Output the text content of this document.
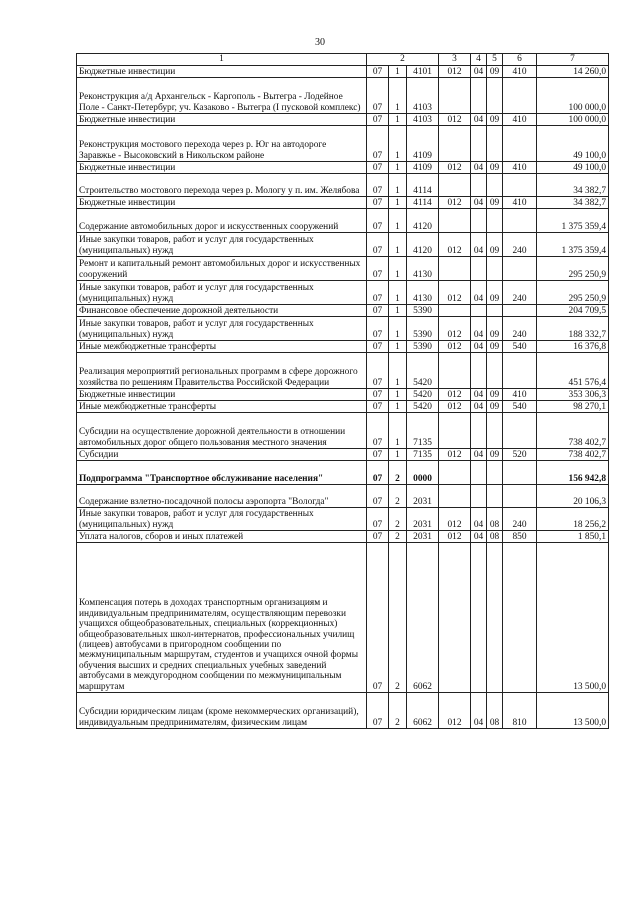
30
1	2			3	4	5	6	7
Бюджетные инвестиции	07	1	4101	012	04	09	410	14 260,0
Реконструкция а/д Архангельск - Каргополь - Вытегра - Лодейное Поле - Санкт-Петербург, уч. Казаково - Вытегра (I пусковой комплекс)	07	1	4103					100 000,0
Бюджетные инвестиции	07	1	4103	012	04	09	410	100 000,0
Реконструкция мостового перехода через р. Юг на автодороге Заравжье - Высоковский в Никольском районе	07	1	4109					49 100,0
Бюджетные инвестиции	07	1	4109	012	04	09	410	49 100,0
Строительство мостового перехода через р. Мологу у п. им. Желябова	07	1	4114					34 382,7
Бюджетные инвестиции	07	1	4114	012	04	09	410	34 382,7
Содержание автомобильных дорог и искусственных сооружений	07	1	4120					1 375 359,4
Иные закупки товаров, работ и услуг для государственных (муниципальных) нужд	07	1	4120	012	04	09	240	1 375 359,4
Ремонт и капитальный ремонт автомобильных дорог и искусственных сооружений	07	1	4130					295 250,9
Иные закупки товаров, работ и услуг для государственных (муниципальных) нужд	07	1	4130	012	04	09	240	295 250,9
Финансовое обеспечение дорожной деятельности	07	1	5390					204 709,5
Иные закупки товаров, работ и услуг для государственных (муниципальных) нужд	07	1	5390	012	04	09	240	188 332,7
Иные межбюджетные трансферты	07	1	5390	012	04	09	540	16 376,8
Реализация мероприятий региональных программ в сфере дорожного хозяйства по решениям Правительства Российской Федерации	07	1	5420					451 576,4
Бюджетные инвестиции	07	1	5420	012	04	09	410	353 306,3
Иные межбюджетные трансферты	07	1	5420	012	04	09	540	98 270,1
Субсидии на осуществление дорожной деятельности в отношении автомобильных дорог общего пользования местного значения	07	1	7135					738 402,7
Субсидии	07	1	7135	012	04	09	520	738 402,7
Подпрограмма "Транспортное обслуживание населения"	07	2	0000					156 942,8
Содержание взлетно-посадочной полосы аэропорта "Вологда"	07	2	2031					20 106,3
Иные закупки товаров, работ и услуг для государственных (муниципальных) нужд	07	2	2031	012	04	08	240	18 256,2
Уплата налогов, сборов и иных платежей	07	2	2031	012	04	08	850	1 850,1
Компенсация потерь в доходах транспортным организациям и индивидуальным предпринимателям, осуществляющим перевозки учащихся общеобразовательных, специальных (коррекционных) общеобразовательных школ-интернатов, профессиональных училищ (лицеев) автобусами в пригородном сообщении по межмуниципальным маршрутам, студентов и учащихся очной формы обучения высших и средних специальных учебных заведений автобусами в междугородном сообщении по межмуниципальным маршрутам	07	2	6062					13 500,0
Субсидии юридическим лицам (кроме некоммерческих организаций), индивидуальным предпринимателям, физическим лицам	07	2	6062	012	04	08	810	13 500,0
